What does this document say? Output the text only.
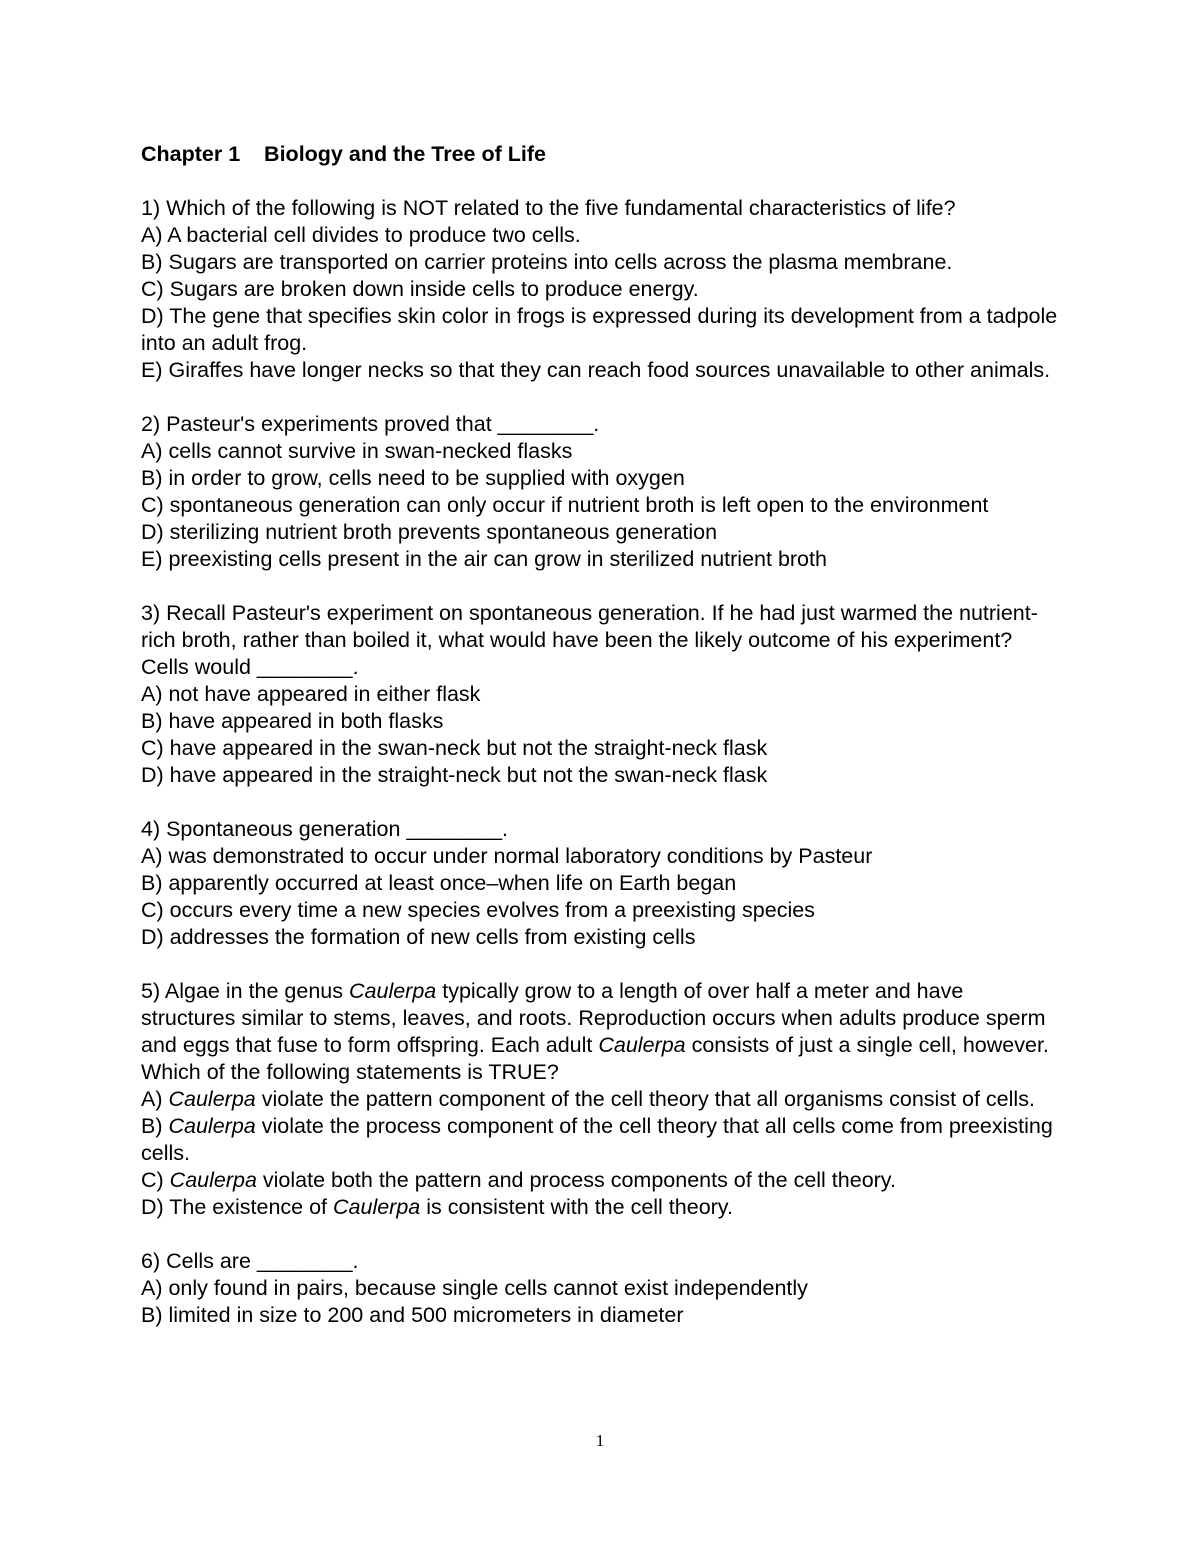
Chapter 1    Biology and the Tree of Life
1) Which of the following is NOT related to the five fundamental characteristics of life?
A) A bacterial cell divides to produce two cells.
B) Sugars are transported on carrier proteins into cells across the plasma membrane.
C) Sugars are broken down inside cells to produce energy.
D) The gene that specifies skin color in frogs is expressed during its development from a tadpole into an adult frog.
E) Giraffes have longer necks so that they can reach food sources unavailable to other animals.
2) Pasteur's experiments proved that ________.
A) cells cannot survive in swan-necked flasks
B) in order to grow, cells need to be supplied with oxygen
C) spontaneous generation can only occur if nutrient broth is left open to the environment
D) sterilizing nutrient broth prevents spontaneous generation
E) preexisting cells present in the air can grow in sterilized nutrient broth
3) Recall Pasteur's experiment on spontaneous generation. If he had just warmed the nutrient-rich broth, rather than boiled it, what would have been the likely outcome of his experiment? Cells would ________.
A) not have appeared in either flask
B) have appeared in both flasks
C) have appeared in the swan-neck but not the straight-neck flask
D) have appeared in the straight-neck but not the swan-neck flask
4) Spontaneous generation ________.
A) was demonstrated to occur under normal laboratory conditions by Pasteur
B) apparently occurred at least once–when life on Earth began
C) occurs every time a new species evolves from a preexisting species
D) addresses the formation of new cells from existing cells
5) Algae in the genus Caulerpa typically grow to a length of over half a meter and have structures similar to stems, leaves, and roots. Reproduction occurs when adults produce sperm and eggs that fuse to form offspring. Each adult Caulerpa consists of just a single cell, however. Which of the following statements is TRUE?
A) Caulerpa violate the pattern component of the cell theory that all organisms consist of cells.
B) Caulerpa violate the process component of the cell theory that all cells come from preexisting cells.
C) Caulerpa violate both the pattern and process components of the cell theory.
D) The existence of Caulerpa is consistent with the cell theory.
6) Cells are ________.
A) only found in pairs, because single cells cannot exist independently
B) limited in size to 200 and 500 micrometers in diameter
1
